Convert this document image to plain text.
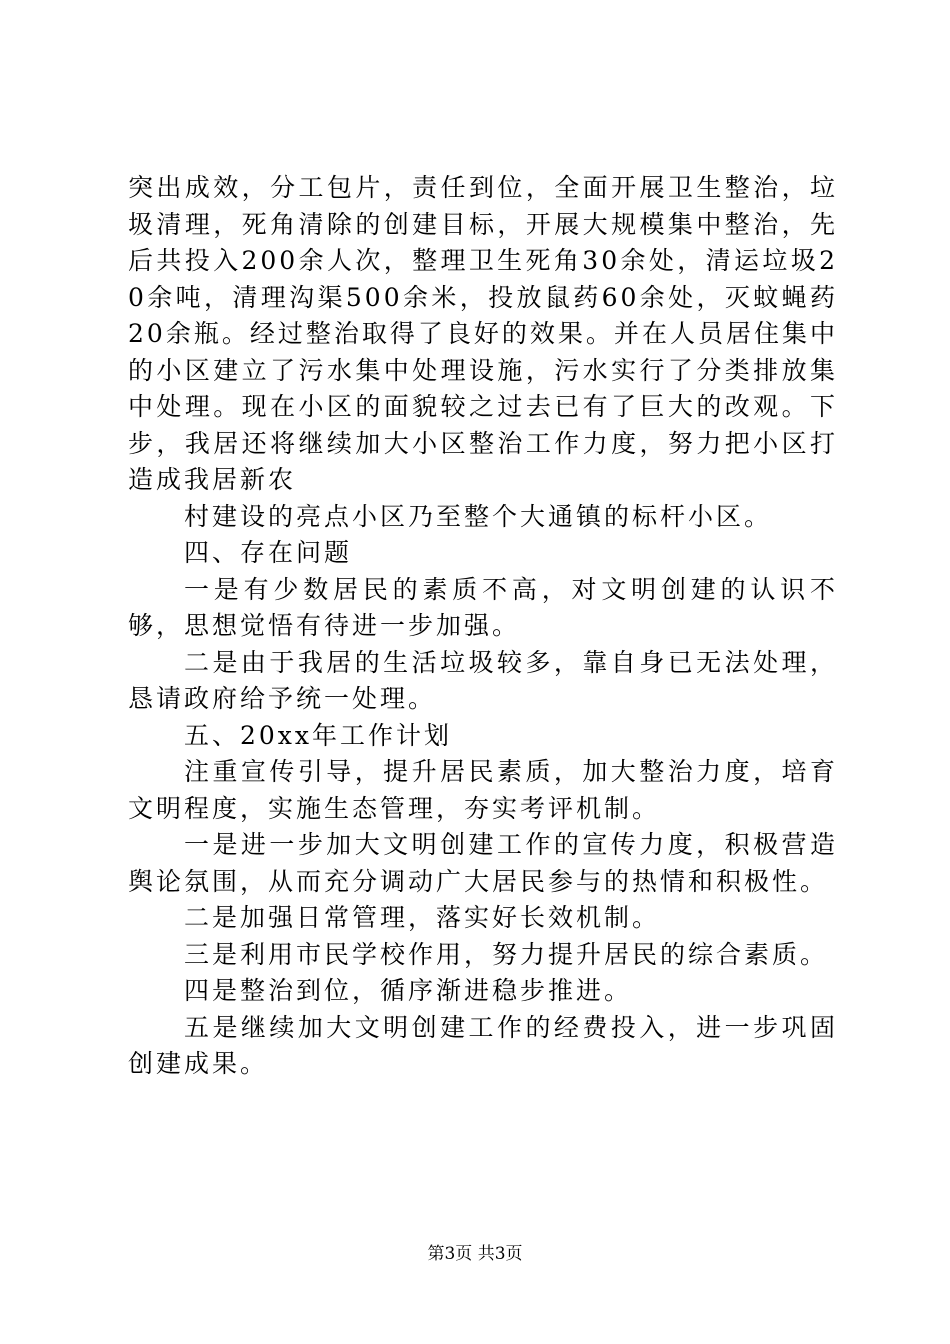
突出成效，分工包片，责任到位，全面开展卫生整治，垃圾清理，死角清除的创建目标，开展大规模集中整治，先后共投入200余人次，整理卫生死角30余处，清运垃圾20余吨，清理沟渠500余米，投放鼠药60余处，灭蚊蝇药20余瓶。经过整治取得了良好的效果。并在人员居住集中的小区建立了污水集中处理设施，污水实行了分类排放集中处理。现在小区的面貌较之过去已有了巨大的改观。下步，我居还将继续加大小区整治工作力度，努力把小区打造成我居新农

村建设的亮点小区乃至整个大通镇的标杆小区。

四、存在问题

一是有少数居民的素质不高，对文明创建的认识不够，思想觉悟有待进一步加强。

二是由于我居的生活垃圾较多，靠自身已无法处理，恳请政府给予统一处理。

五、20xx年工作计划

注重宣传引导，提升居民素质，加大整治力度，培育文明程度，实施生态管理，夯实考评机制。

一是进一步加大文明创建工作的宣传力度，积极营造舆论氛围，从而充分调动广大居民参与的热情和积极性。

二是加强日常管理，落实好长效机制。

三是利用市民学校作用，努力提升居民的综合素质。

四是整治到位，循序渐进稳步推进。

五是继续加大文明创建工作的经费投入，进一步巩固创建成果。

第3页 共3页
